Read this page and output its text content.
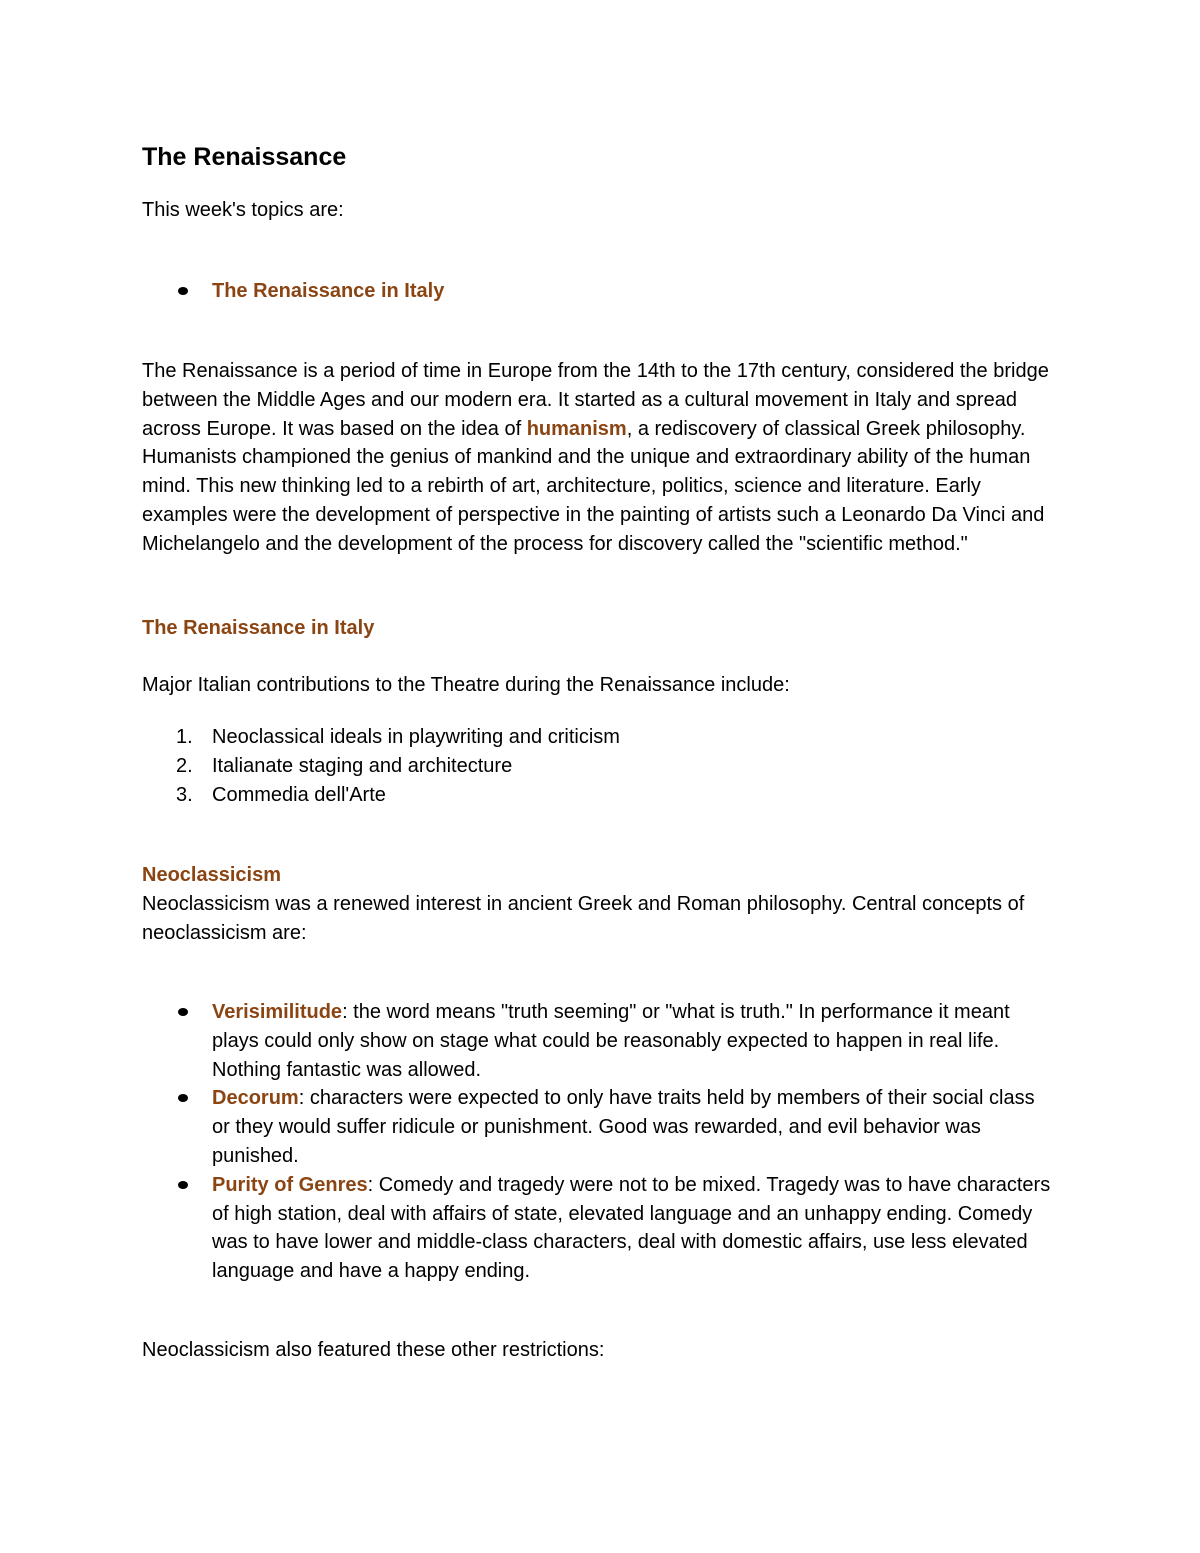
The Renaissance

This week's topics are:

The Renaissance in Italy

The Renaissance is a period of time in Europe from the 14th to the 17th century, considered the bridge between the Middle Ages and our modern era. It started as a cultural movement in Italy and spread across Europe. It was based on the idea of humanism, a rediscovery of classical Greek philosophy. Humanists championed the genius of mankind and the unique and extraordinary ability of the human mind. This new thinking led to a rebirth of art, architecture, politics, science and literature. Early examples were the development of perspective in the painting of artists such a Leonardo Da Vinci and Michelangelo and the development of the process for discovery called the "scientific method."

The Renaissance in Italy

Major Italian contributions to the Theatre during the Renaissance include:

1. Neoclassical ideals in playwriting and criticism
2. Italianate staging and architecture
3. Commedia dell'Arte
Neoclassicism

Neoclassicism was a renewed interest in ancient Greek and Roman philosophy. Central concepts of neoclassicism are:

Verisimilitude: the word means "truth seeming" or "what is truth." In performance it meant plays could only show on stage what could be reasonably expected to happen in real life. Nothing fantastic was allowed.
Decorum: characters were expected to only have traits held by members of their social class or they would suffer ridicule or punishment. Good was rewarded, and evil behavior was punished.
Purity of Genres: Comedy and tragedy were not to be mixed. Tragedy was to have characters of high station, deal with affairs of state, elevated language and an unhappy ending. Comedy was to have lower and middle-class characters, deal with domestic affairs, use less elevated language and have a happy ending.

Neoclassicism also featured these other restrictions:
